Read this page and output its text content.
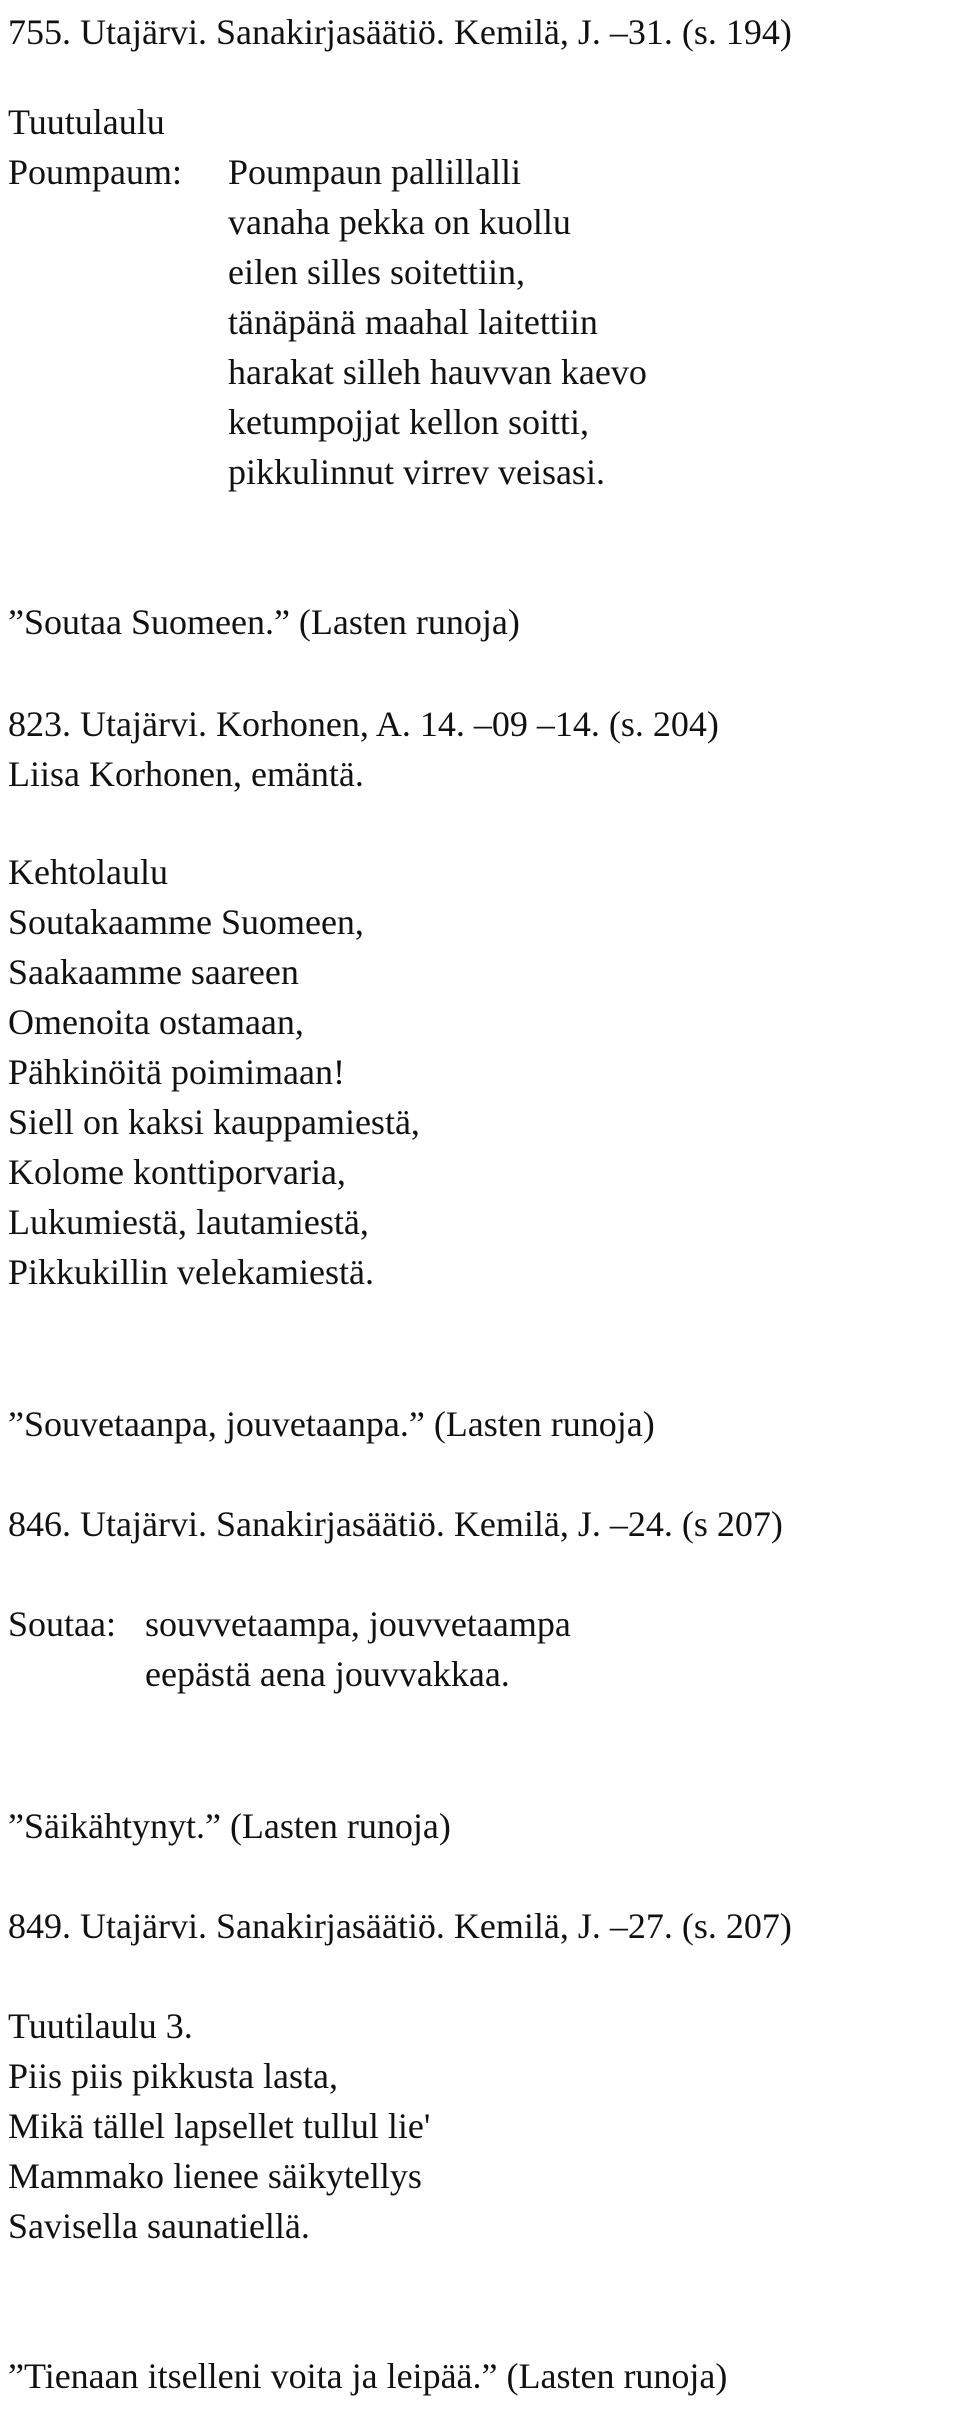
755. Utajärvi. Sanakirjasäätiö. Kemilä, J. –31. (s. 194)
Tuutulaulu
Poumpaum: Poumpaun pallillalli
vanaha pekka on kuollu
eilen silles soitettiin,
tänäpänä maahal laitettiin
harakat silleh hauvvan kaevo
ketumpojjat kellon soitti,
pikkulinnut virrev veisasi.
”Soutaa Suomeen.” (Lasten runoja)
823. Utajärvi. Korhonen, A. 14. –09 –14. (s. 204)
Liisa Korhonen, emäntä.
Kehtolaulu
Soutakaamme Suomeen,
Saakaamme saareen
Omenoita ostamaan,
Pähkinöitä poimimaan!
Siell on kaksi kauppamiestä,
Kolome konttiporvaria,
Lukumiestä, lautamiestä,
Pikkukillin velekamiestä.
”Souvetaanpa, jouvetaanpa.” (Lasten runoja)
846. Utajärvi. Sanakirjasäätiö. Kemilä, J. –24. (s 207)
Soutaa: souvvetaampa, jouvvetaampa
eepästä aena jouvvakkaa.
”Säikähtynyt.” (Lasten runoja)
849. Utajärvi. Sanakirjasäätiö. Kemilä, J. –27. (s. 207)
Tuutilaulu 3.
Piis piis pikkusta lasta,
Mikä tällel lapsellet tullul lie'
Mammako lienee säikytellys
Savisella saunatiellä.
”Tienaan itselleni voita ja leipää.” (Lasten runoja)
